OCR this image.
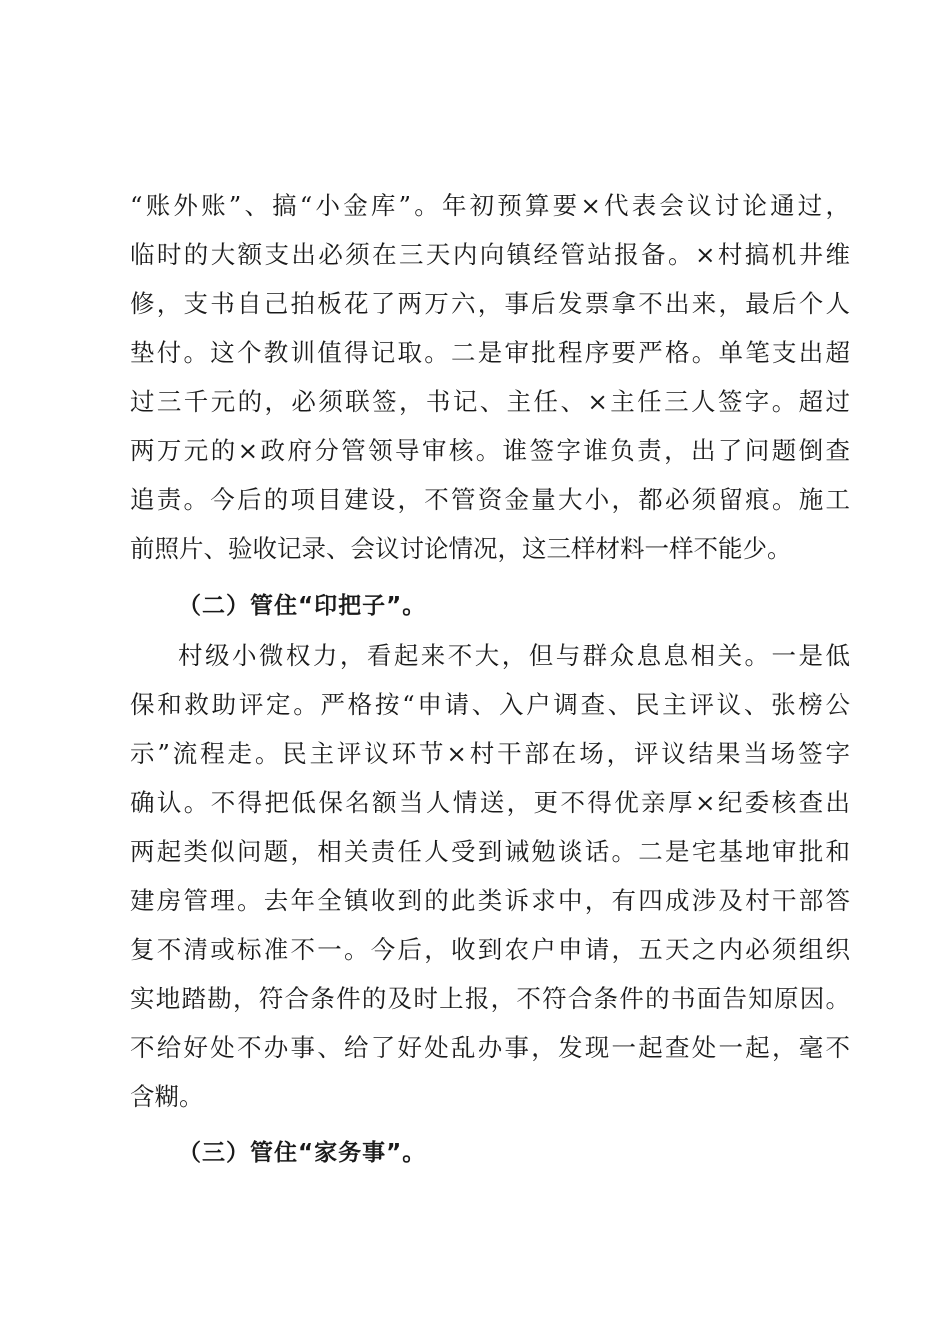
“账外账”、搞“小金库”。年初预算要×代表会议讨论通过，
临时的大额支出必须在三天内向镇经管站报备。×村搞机井维
修，支书自己拍板花了两万六，事后发票拿不出来，最后个人
垫付。这个教训值得记取。二是审批程序要严格。单笔支出超
过三千元的，必须联签，书记、主任、×主任三人签字。超过
两万元的×政府分管领导审核。谁签字谁负责，出了问题倒查
追责。今后的项目建设，不管资金量大小，都必须留痕。施工
前照片、验收记录、会议讨论情况，这三样材料一样不能少。
（二）管住“印把子”。
村级小微权力，看起来不大，但与群众息息相关。一是低
保和救助评定。严格按“申请、入户调查、民主评议、张榜公
示”流程走。民主评议环节×村干部在场，评议结果当场签字
确认。不得把低保名额当人情送，更不得优亲厚×纪委核查出
两起类似问题，相关责任人受到诫勉谈话。二是宅基地审批和
建房管理。去年全镇收到的此类诉求中，有四成涉及村干部答
复不清或标准不一。今后，收到农户申请，五天之内必须组织
实地踏勘，符合条件的及时上报，不符合条件的书面告知原因。
不给好处不办事、给了好处乱办事，发现一起查处一起，毫不
含糊。
（三）管住“家务事”。
